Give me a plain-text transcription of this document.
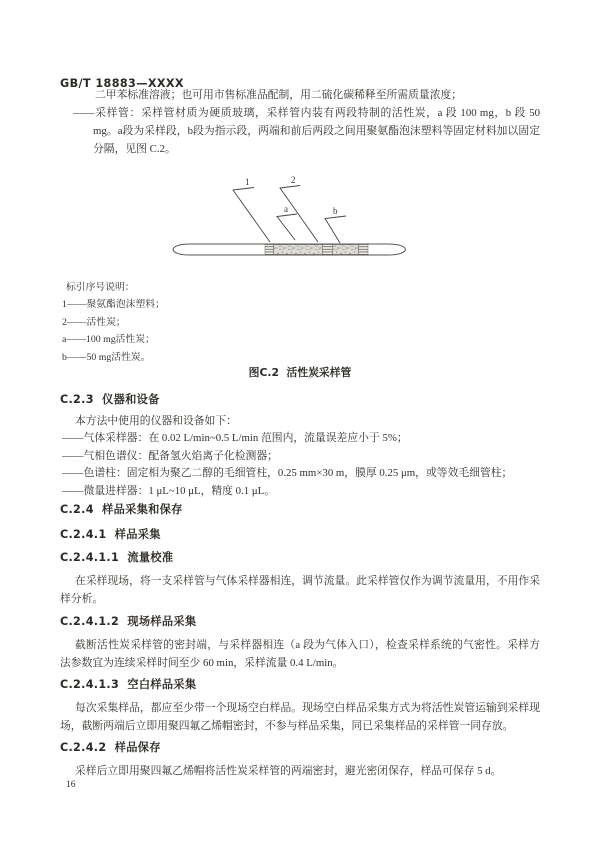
GB/T 18883—XXXX
二甲苯标准溶液；也可用市售标准品配制，用二硫化碳稀释至所需质量浓度；
——采样管：采样管材质为硬质玻璃，采样管内装有两段特制的活性炭，a 段 100 mg，b 段 50 mg。a段为采样段，b段为指示段，两端和前后两段之间用聚氨酯泡沫塑料等固定材料加以固定分隔，见图 C.2。
1	2
a	b
标引序号说明：
1——聚氨酯泡沫塑料；
2——活性炭；
a——100 mg活性炭；
b——50 mg活性炭。
图C.2  活性炭采样管
C.2.3  仪器和设备
本方法中使用的仪器和设备如下：
——气体采样器：在 0.02 L/min~0.5 L/min 范围内，流量误差应小于 5%；
——气相色谱仪：配备氢火焰离子化检测器；
——色谱柱：固定相为聚乙二醇的毛细管柱，0.25 mm×30 m，膜厚 0.25 μm，或等效毛细管柱；
——微量进样器：1 μL~10 μL，精度 0.1 μL。
C.2.4  样品采集和保存
C.2.4.1  样品采集
C.2.4.1.1  流量校准
在采样现场，将一支采样管与气体采样器相连，调节流量。此采样管仅作为调节流量用，不用作采样分析。
C.2.4.1.2  现场样品采集
截断活性炭采样管的密封端，与采样器相连（a 段为气体入口），检查采样系统的气密性。采样方法参数宜为连续采样时间至少 60 min，采样流量 0.4 L/min。
C.2.4.1.3  空白样品采集
每次采集样品，都应至少带一个现场空白样品。现场空白样品采集方式为将活性炭管运输到采样现场，截断两端后立即用聚四氟乙烯帽密封，不参与样品采集，同已采集样品的采样管一同存放。
C.2.4.2  样品保存
采样后立即用聚四氟乙烯帽将活性炭采样管的两端密封，避光密闭保存，样品可保存 5 d。
16
